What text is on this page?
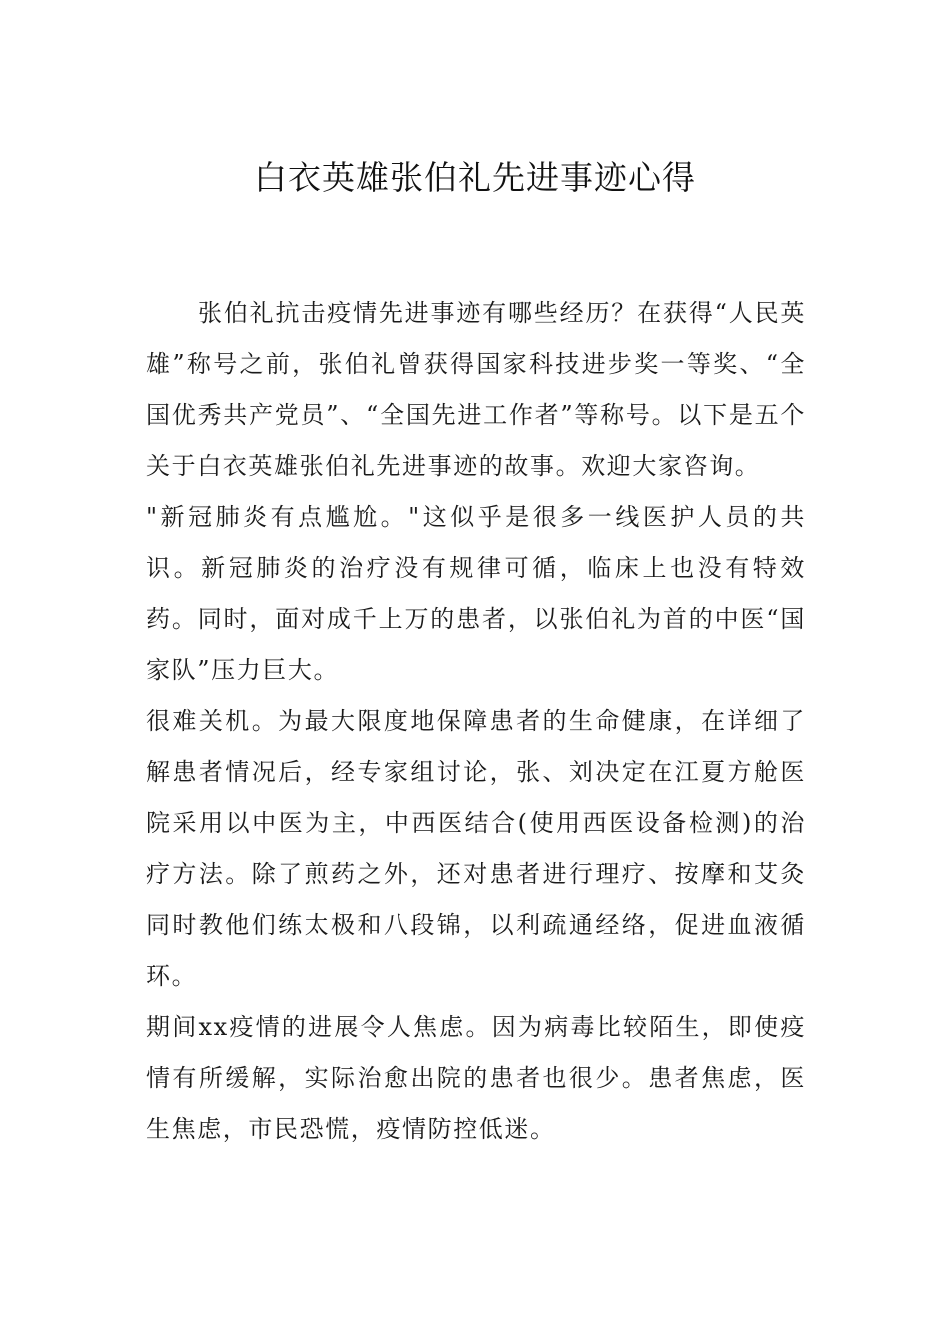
白衣英雄张伯礼先进事迹心得

张伯礼抗击疫情先进事迹有哪些经历？在获得“人民英雄”称号之前，张伯礼曾获得国家科技进步奖一等奖、“全国优秀共产党员”、“全国先进工作者”等称号。以下是五个关于白衣英雄张伯礼先进事迹的故事。欢迎大家咨询。

"新冠肺炎有点尴尬。"这似乎是很多一线医护人员的共识。新冠肺炎的治疗没有规律可循，临床上也没有特效药。同时，面对成千上万的患者，以张伯礼为首的中医“国家队”压力巨大。

很难关机。为最大限度地保障患者的生命健康，在详细了解患者情况后，经专家组讨论，张、刘决定在江夏方舱医院采用以中医为主，中西医结合(使用西医设备检测)的治疗方法。除了煎药之外，还对患者进行理疗、按摩和艾灸同时教他们练太极和八段锦，以利疏通经络，促进血液循环。

期间xx疫情的进展令人焦虑。因为病毒比较陌生，即使疫情有所缓解，实际治愈出院的患者也很少。患者焦虑，医生焦虑，市民恐慌，疫情防控低迷。
